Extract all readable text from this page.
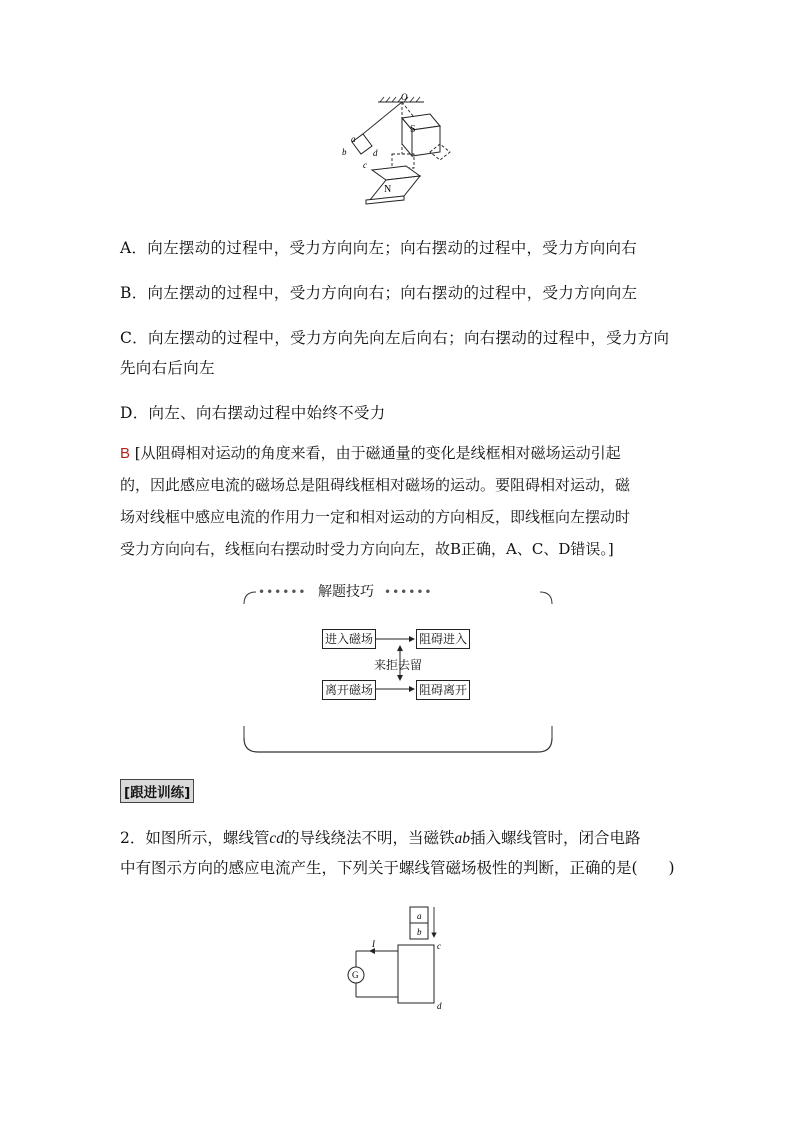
O
a
b
c
d
S
N
A．向左摆动的过程中，受力方向向左；向右摆动的过程中，受力方向向右
B．向左摆动的过程中，受力方向向右；向右摆动的过程中，受力方向向左
C．向左摆动的过程中，受力方向先向左后向右；向右摆动的过程中，受力方向
先向右后向左
D．向左、向右摆动过程中始终不受力
B [从阻碍相对运动的角度来看，由于磁通量的变化是线框相对磁场运动引起
的，因此感应电流的磁场总是阻碍线框相对磁场的运动。要阻碍相对运动，磁
场对线框中感应电流的作用力一定和相对运动的方向相反，即线框向左摆动时
受力方向向右，线框向右摆动时受力方向向左，故B正确，A、C、D错误。]
•••••• 解题技巧 ••••••
进入磁场	阻碍进入
来拒去留
离开磁场	阻碍离开
[跟进训练]
2．如图所示，螺线管cd的导线绕法不明，当磁铁ab插入螺线管时，闭合电路
中有图示方向的感应电流产生，下列关于螺线管磁场极性的判断，正确的是(　　)
a
b
c
d
I
G
